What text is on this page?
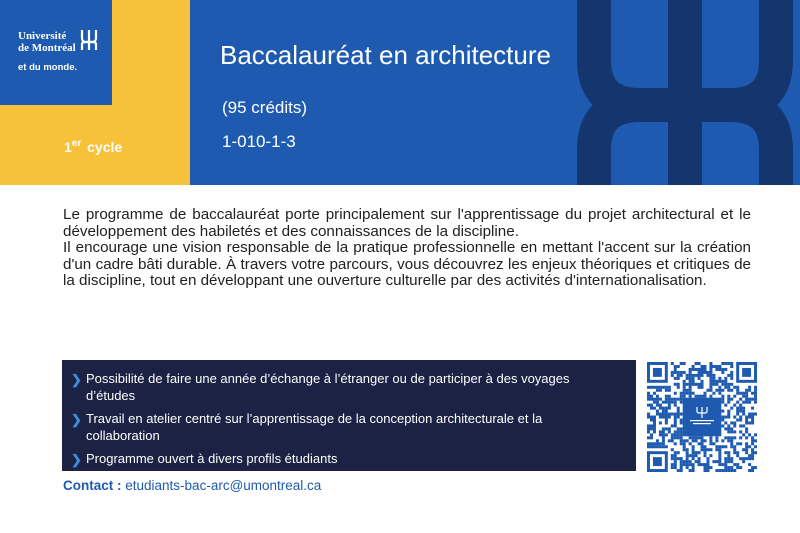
Université
de Montréal
et du monde.
1er cycle
Baccalauréat en architecture
(95 crédits)
1-010-1-3

Le programme de baccalauréat porte principalement sur l'apprentissage du projet architectural et le développement des habiletés et des connaissances de la discipline.

Il encourage une vision responsable de la pratique professionnelle en mettant l'accent sur la création d'un cadre bâti durable. À travers votre parcours, vous découvrez les enjeux théoriques et critiques de la discipline, tout en développant une ouverture culturelle par des activités d'internationalisation.

❯ Possibilité de faire une année d’échange à l’étranger ou de participer à des voyages d’études
❯ Travail en atelier centré sur l’apprentissage de la conception architecturale et la collaboration
❯ Programme ouvert à divers profils étudiants
Contact : etudiants-bac-arc@umontreal.ca
